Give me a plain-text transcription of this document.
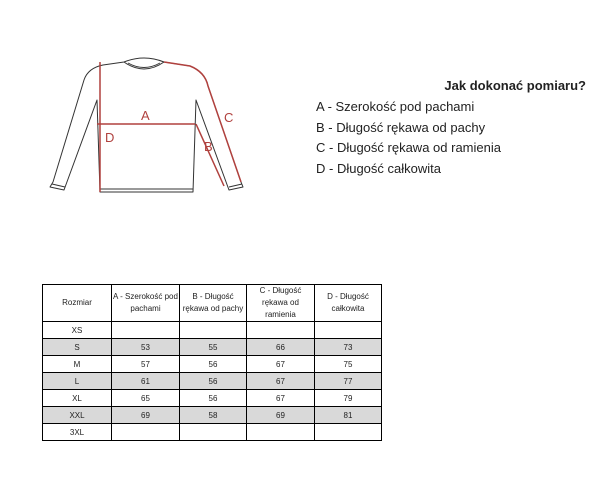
A
B
C
D
Jak dokonać pomiaru?
A - Szerokość pod pachami
B - Długość rękawa od pachy
C - Długość rękawa od ramienia
D - Długość całkowita
Rozmiar	A - Szerokość pod pachami	B - Długość rękawa od pachy	C - Długość rękawa od ramienia	D - Długość całkowita
XS				
S	53	55	66	73
M	57	56	67	75
L	61	56	67	77
XL	65	56	67	79
XXL	69	58	69	81
3XL				
